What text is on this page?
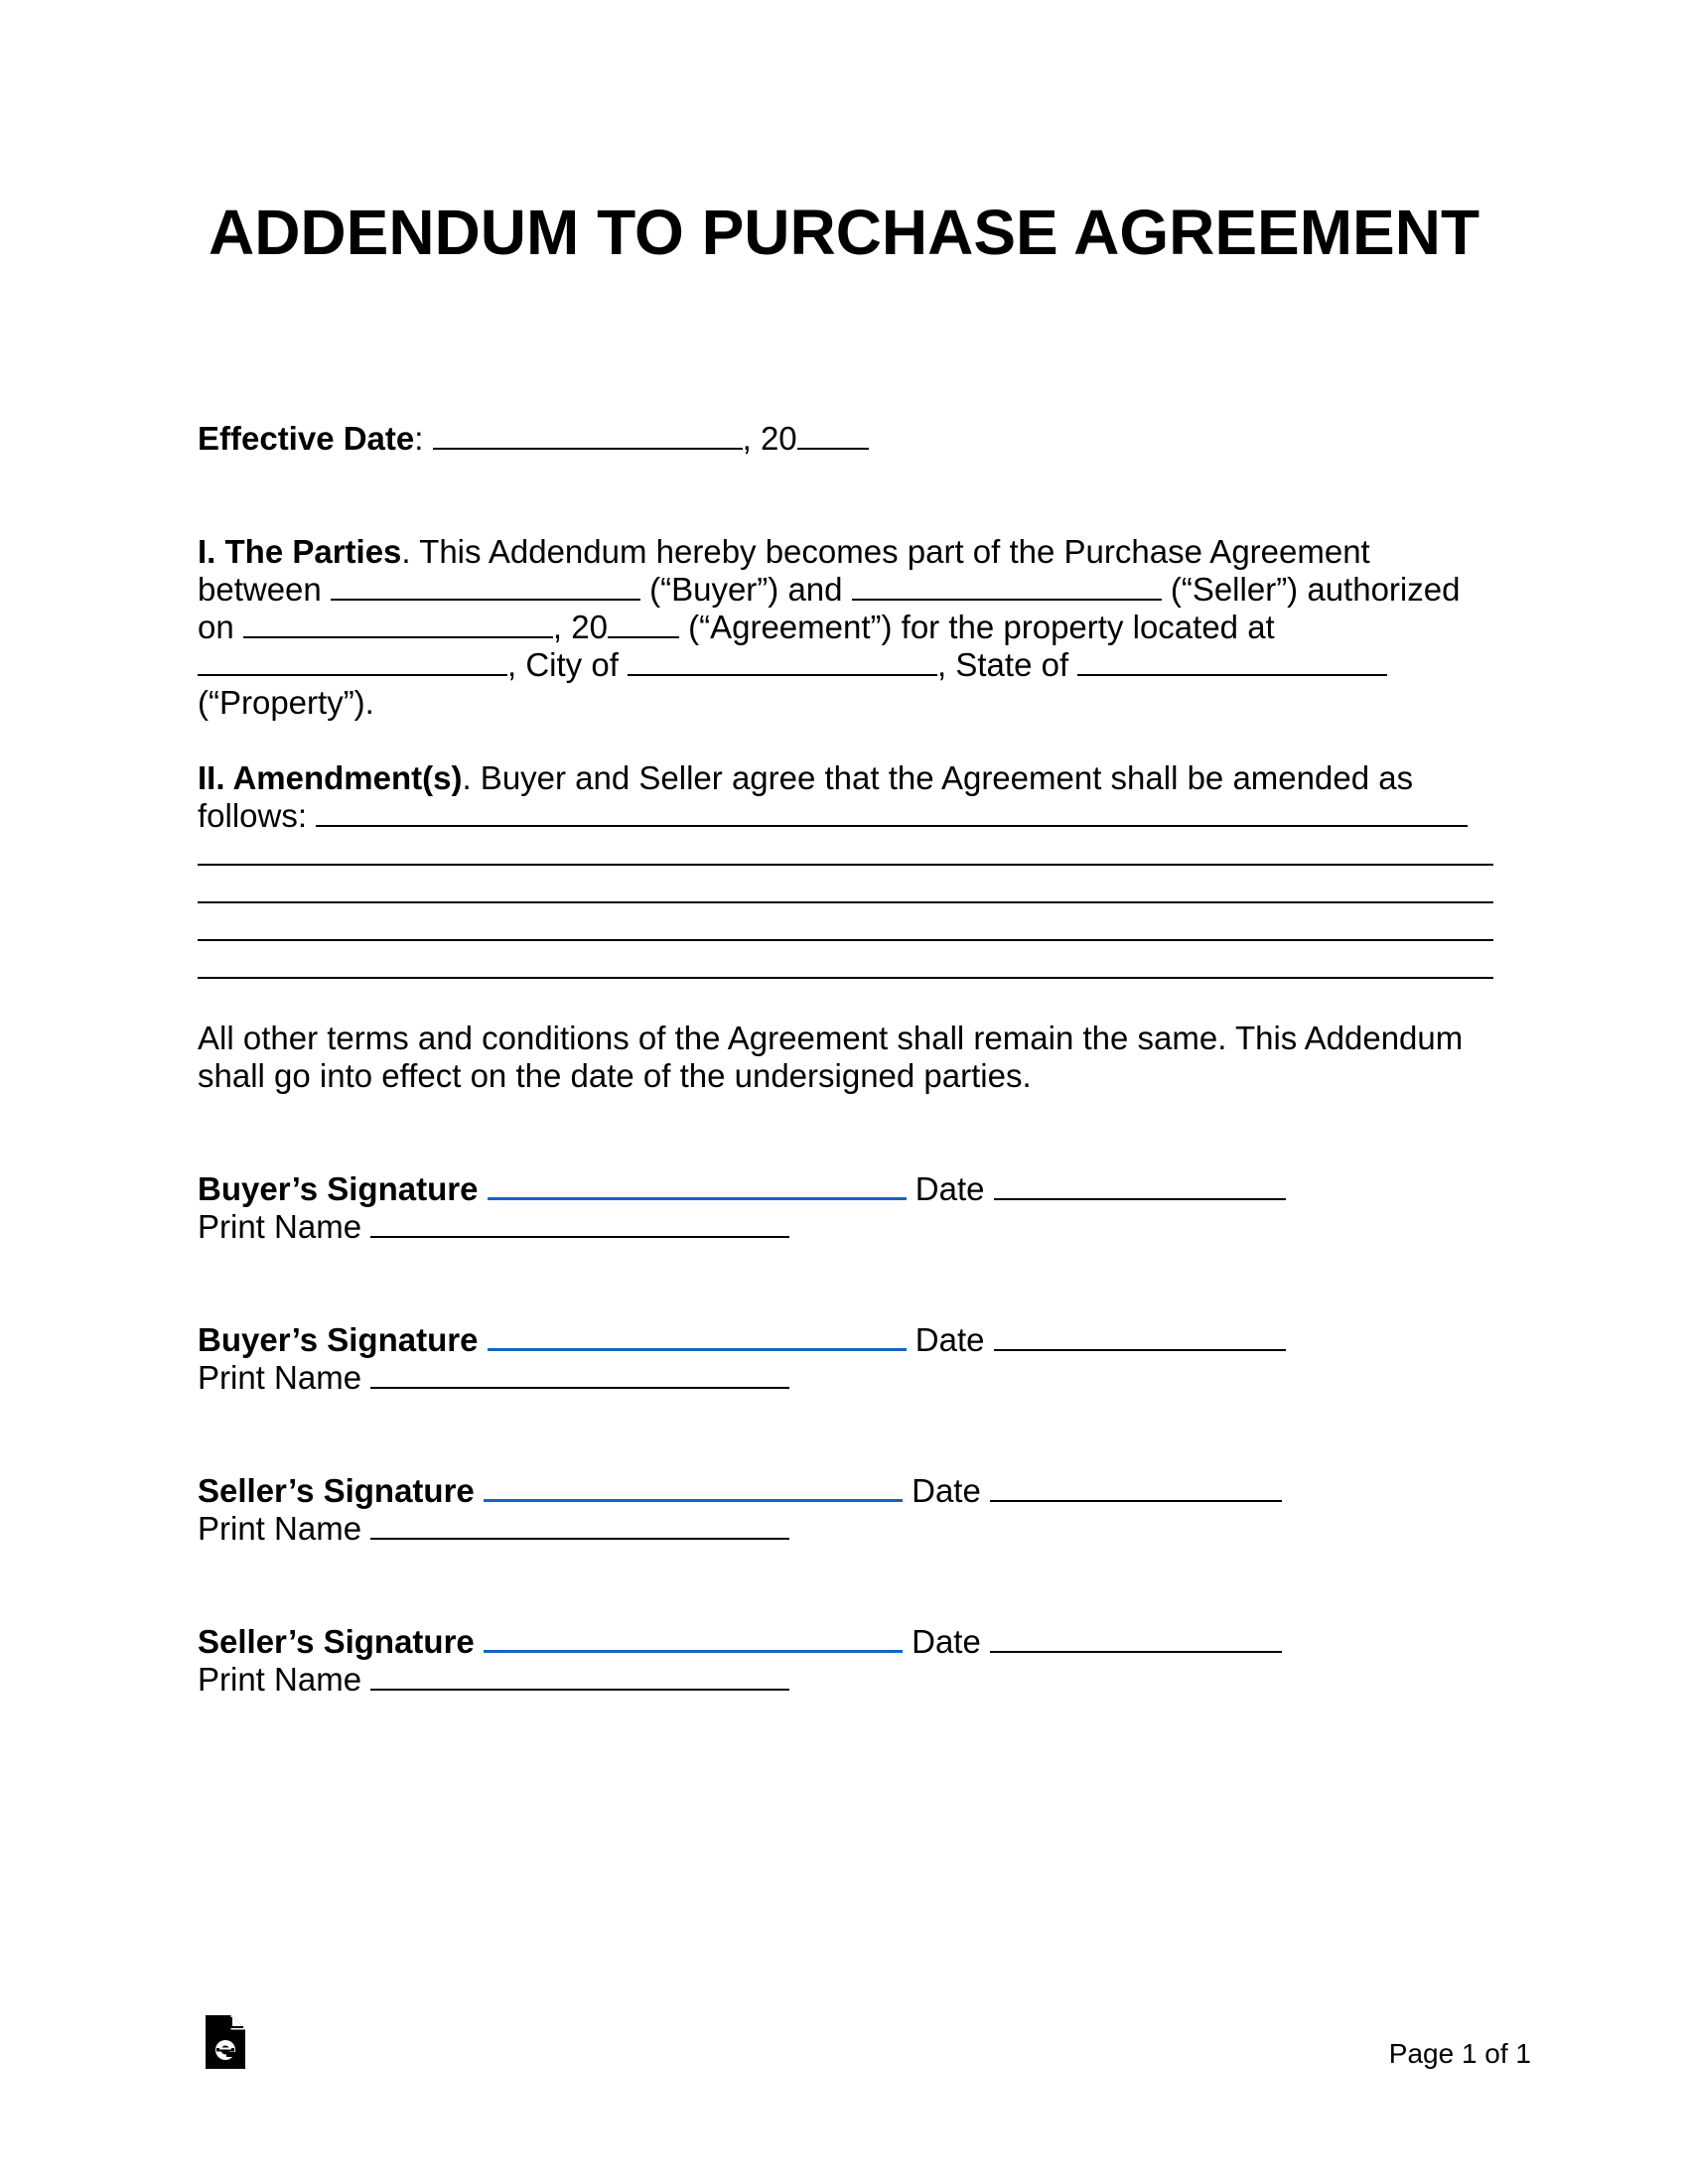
ADDENDUM TO PURCHASE AGREEMENT
Effective Date:	, 20
I. The Parties. This Addendum hereby becomes part of the Purchase Agreement
between	(“Buyer”) and	(“Seller”) authorized
on	, 20 (“Agreement”) for the property located at
, City of	, State of
(“Property”).
II. Amendment(s). Buyer and Seller agree that the Agreement shall be amended as
follows:
All other terms and conditions of the Agreement shall remain the same. This Addendum
shall go into effect on the date of the undersigned parties.
Buyer’s Signature	Date
Print Name
Buyer’s Signature	Date
Print Name
Seller’s Signature	Date
Print Name
Seller’s Signature	Date
Print Name
Page 1 of 1
